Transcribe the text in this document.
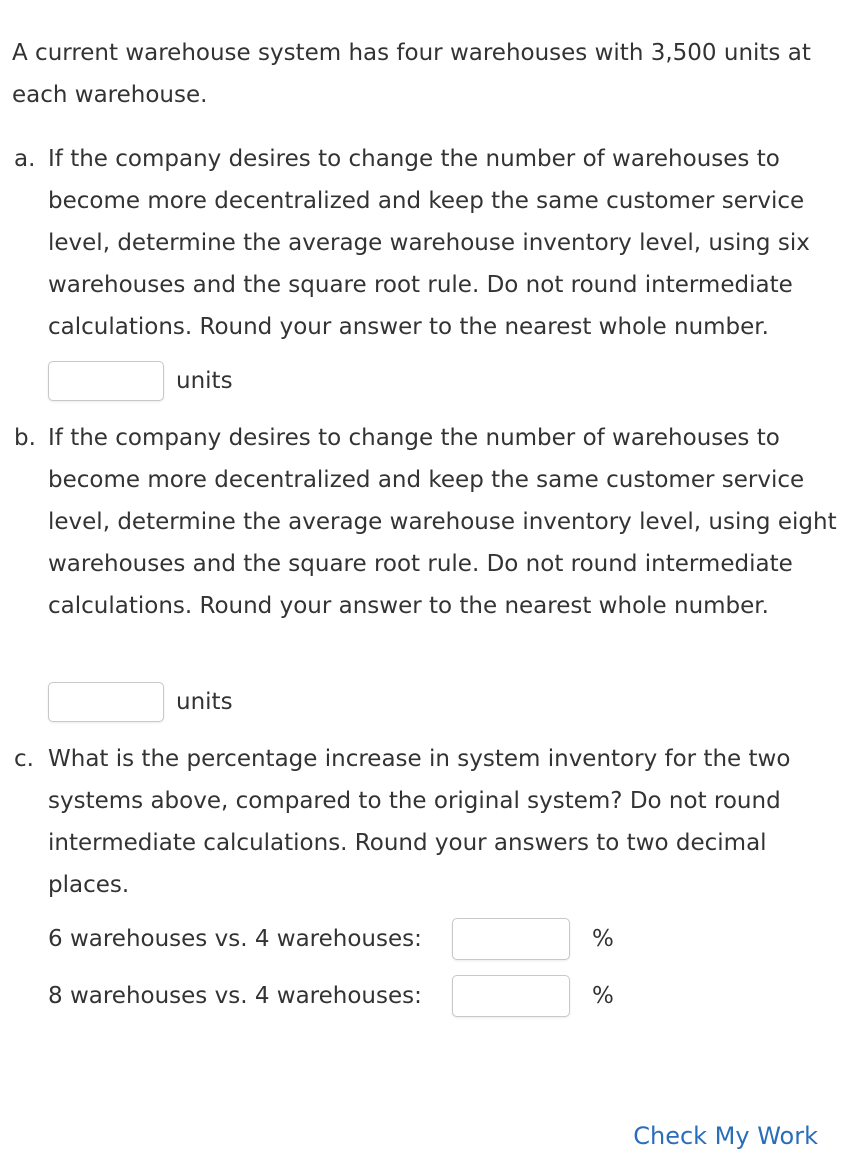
A current warehouse system has four warehouses with 3,500 units at each warehouse.
a. If the company desires to change the number of warehouses to become more decentralized and keep the same customer service level, determine the average warehouse inventory level, using six warehouses and the square root rule. Do not round intermediate calculations. Round your answer to the nearest whole number.
units
b. If the company desires to change the number of warehouses to become more decentralized and keep the same customer service level, determine the average warehouse inventory level, using eight warehouses and the square root rule. Do not round intermediate calculations. Round your answer to the nearest whole number.
units
c. What is the percentage increase in system inventory for the two systems above, compared to the original system? Do not round intermediate calculations. Round your answers to two decimal places.
6 warehouses vs. 4 warehouses:	%
8 warehouses vs. 4 warehouses:	%
Check My Work
